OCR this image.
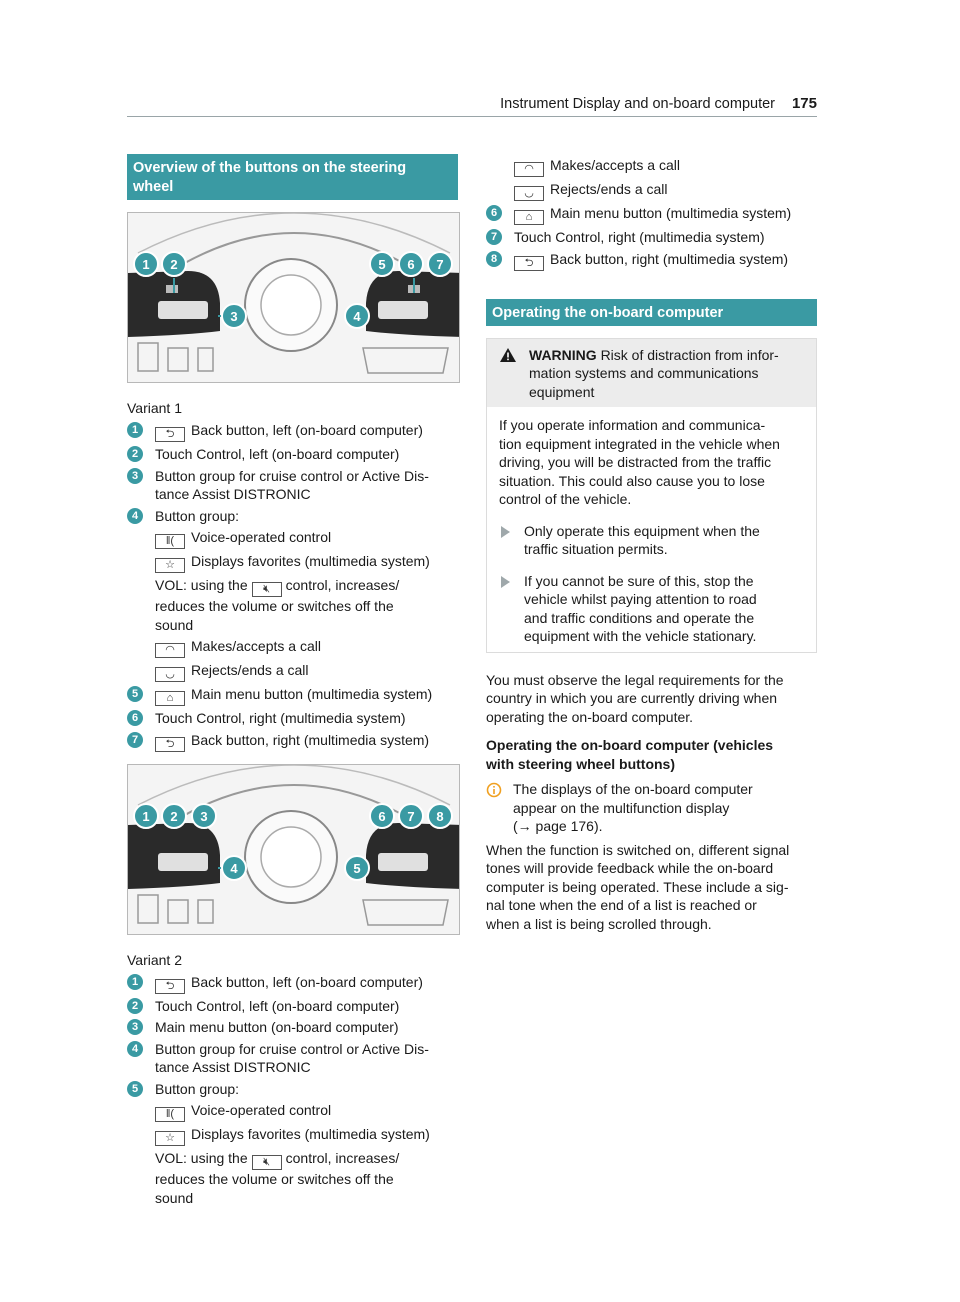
Instrument Display and on-board computer 175
Overview of the buttons on the steering wheel
1 2
3	4
5 6 7
Variant 1
1	⮌ Back button, left (on-board computer)
2	Touch Control, left (on-board computer)
3	Button group for cruise control or Active Dis-
tance Assist DISTRONIC
4	Button group:
ǁ( Voice-operated control
☆ Displays favorites (multimedia system)
VOL: using the 🔇︎ control, increases/
reduces the volume or switches off the
sound
◠ Makes/accepts a call
◡ Rejects/ends a call
5	⌂ Main menu button (multimedia system)
6	Touch Control, right (multimedia system)
7	⮌ Back button, right (multimedia system)
1 2 3
4	5
6 7 8
Variant 2
1	⮌ Back button, left (on-board computer)
2	Touch Control, left (on-board computer)
3	Main menu button (on-board computer)
4	Button group for cruise control or Active Dis-
tance Assist DISTRONIC
5	Button group:
ǁ( Voice-operated control
☆ Displays favorites (multimedia system)
VOL: using the 🔇︎ control, increases/
reduces the volume or switches off the
sound
◠ Makes/accepts a call
◡ Rejects/ends a call
6	⌂ Main menu button (multimedia system)
7	Touch Control, right (multimedia system)
8	⮌ Back button, right (multimedia system)
Operating the on-board computer
WARNING Risk of distraction from infor-
mation systems and communications
equipment
If you operate information and communica-
tion equipment integrated in the vehicle when
driving, you will be distracted from the traffic
situation. This could also cause you to lose
control of the vehicle.
Only operate this equipment when the
traffic situation permits.
If you cannot be sure of this, stop the
vehicle whilst paying attention to road
and traffic conditions and operate the
equipment with the vehicle stationary.
You must observe the legal requirements for the
country in which you are currently driving when
operating the on-board computer.
Operating the on-board computer (vehicles
with steering wheel buttons)
The displays of the on-board computer
appear on the multifunction display
(→ page 176).
When the function is switched on, different signal
tones will provide feedback while the on-board
computer is being operated. These include a sig-
nal tone when the end of a list is reached or
when a list is being scrolled through.
